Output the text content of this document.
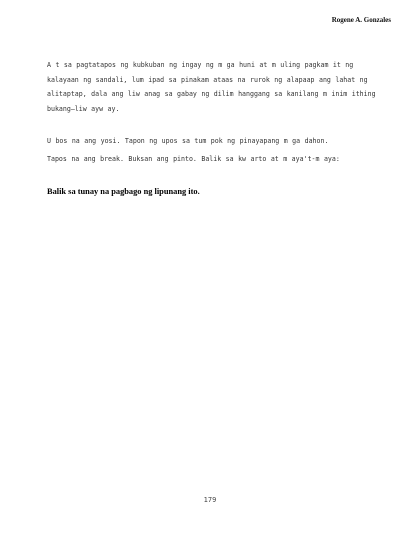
Rogene A. Gonzales

A t sa pagtatapos ng kubkuban ng ingay ng m ga huni at m uling pagkam it ng kalayaan ng sandali, lum ipad sa pinakam ataas na rurok ng alapaap ang lahat ng alitaptap, dala ang liw anag sa gabay ng dilim hanggang sa kanilang m inim ithing bukang–liw ayw ay.

U bos na ang yosi. Tapon ng upos sa tum pok ng pinayapang m ga dahon.

Tapos na ang break. Buksan ang pinto. Balik sa kw arto at m aya't-m aya:

Balik sa tunay na pagbago ng lipunang ito.
179
